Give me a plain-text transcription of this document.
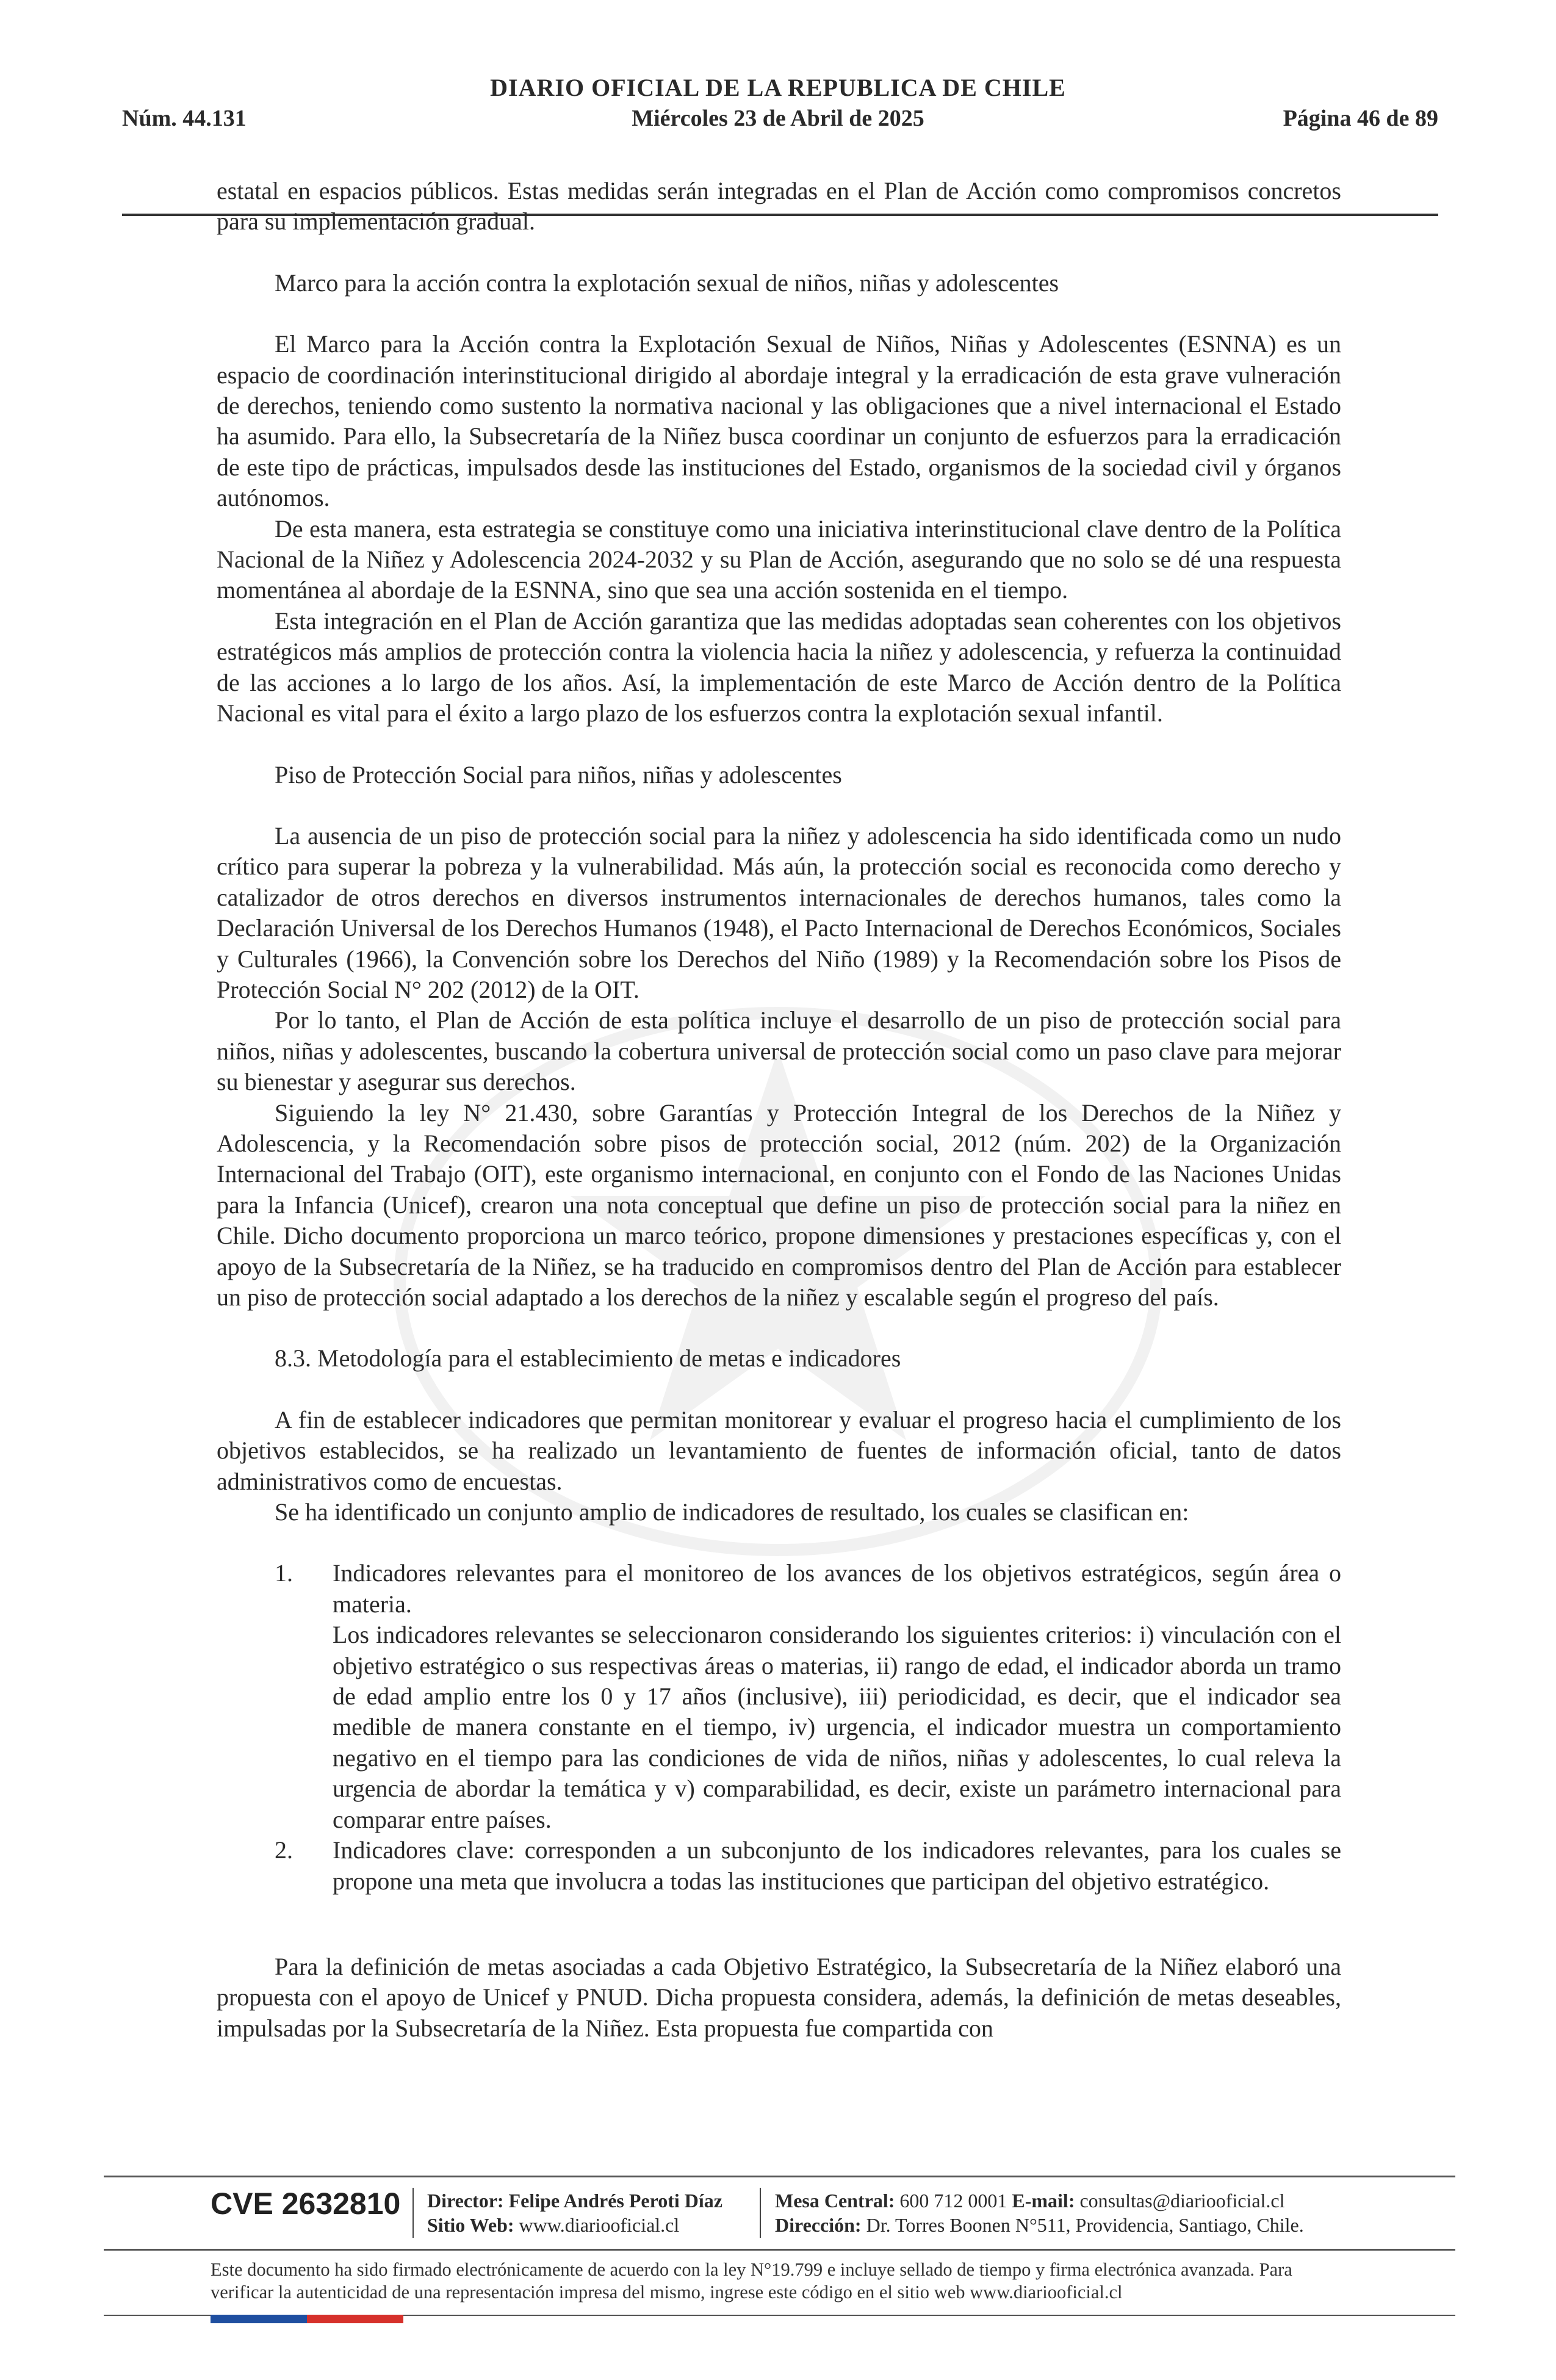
DIARIO OFICIAL DE LA REPUBLICA DE CHILE
Núm. 44.131	Miércoles 23 de Abril de 2025	Página 46 de 89

estatal en espacios públicos. Estas medidas serán integradas en el Plan de Acción como compromisos concretos para su implementación gradual.

Marco para la acción contra la explotación sexual de niños, niñas y adolescentes

El Marco para la Acción contra la Explotación Sexual de Niños, Niñas y Adolescentes (ESNNA) es un espacio de coordinación interinstitucional dirigido al abordaje integral y la erradicación de esta grave vulneración de derechos, teniendo como sustento la normativa nacional y las obligaciones que a nivel internacional el Estado ha asumido. Para ello, la Subsecretaría de la Niñez busca coordinar un conjunto de esfuerzos para la erradicación de este tipo de prácticas, impulsados desde las instituciones del Estado, organismos de la sociedad civil y órganos autónomos.

De esta manera, esta estrategia se constituye como una iniciativa interinstitucional clave dentro de la Política Nacional de la Niñez y Adolescencia 2024-2032 y su Plan de Acción, asegurando que no solo se dé una respuesta momentánea al abordaje de la ESNNA, sino que sea una acción sostenida en el tiempo.

Esta integración en el Plan de Acción garantiza que las medidas adoptadas sean coherentes con los objetivos estratégicos más amplios de protección contra la violencia hacia la niñez y adolescencia, y refuerza la continuidad de las acciones a lo largo de los años. Así, la implementación de este Marco de Acción dentro de la Política Nacional es vital para el éxito a largo plazo de los esfuerzos contra la explotación sexual infantil.

Piso de Protección Social para niños, niñas y adolescentes

La ausencia de un piso de protección social para la niñez y adolescencia ha sido identificada como un nudo crítico para superar la pobreza y la vulnerabilidad. Más aún, la protección social es reconocida como derecho y catalizador de otros derechos en diversos instrumentos internacionales de derechos humanos, tales como la Declaración Universal de los Derechos Humanos (1948), el Pacto Internacional de Derechos Económicos, Sociales y Culturales (1966), la Convención sobre los Derechos del Niño (1989) y la Recomendación sobre los Pisos de Protección Social N° 202 (2012) de la OIT.

Por lo tanto, el Plan de Acción de esta política incluye el desarrollo de un piso de protección social para niños, niñas y adolescentes, buscando la cobertura universal de protección social como un paso clave para mejorar su bienestar y asegurar sus derechos.

Siguiendo la ley N° 21.430, sobre Garantías y Protección Integral de los Derechos de la Niñez y Adolescencia, y la Recomendación sobre pisos de protección social, 2012 (núm. 202) de la Organización Internacional del Trabajo (OIT), este organismo internacional, en conjunto con el Fondo de las Naciones Unidas para la Infancia (Unicef), crearon una nota conceptual que define un piso de protección social para la niñez en Chile. Dicho documento proporciona un marco teórico, propone dimensiones y prestaciones específicas y, con el apoyo de la Subsecretaría de la Niñez, se ha traducido en compromisos dentro del Plan de Acción para establecer un piso de protección social adaptado a los derechos de la niñez y escalable según el progreso del país.

8.3. Metodología para el establecimiento de metas e indicadores

A fin de establecer indicadores que permitan monitorear y evaluar el progreso hacia el cumplimiento de los objetivos establecidos, se ha realizado un levantamiento de fuentes de información oficial, tanto de datos administrativos como de encuestas.

Se ha identificado un conjunto amplio de indicadores de resultado, los cuales se clasifican en:

1.	Indicadores relevantes para el monitoreo de los avances de los objetivos estratégicos, según área o materia.

Los indicadores relevantes se seleccionaron considerando los siguientes criterios: i) vinculación con el objetivo estratégico o sus respectivas áreas o materias, ii) rango de edad, el indicador aborda un tramo de edad amplio entre los 0 y 17 años (inclusive), iii) periodicidad, es decir, que el indicador sea medible de manera constante en el tiempo, iv) urgencia, el indicador muestra un comportamiento negativo en el tiempo para las condiciones de vida de niños, niñas y adolescentes, lo cual releva la urgencia de abordar la temática y v) comparabilidad, es decir, existe un parámetro internacional para comparar entre países.

2.	Indicadores clave: corresponden a un subconjunto de los indicadores relevantes, para los cuales se propone una meta que involucra a todas las instituciones que participan del objetivo estratégico.

Para la definición de metas asociadas a cada Objetivo Estratégico, la Subsecretaría de la Niñez elaboró una propuesta con el apoyo de Unicef y PNUD. Dicha propuesta considera, además, la definición de metas deseables, impulsadas por la Subsecretaría de la Niñez. Esta propuesta fue compartida con

CVE 2632810 Director: Felipe Andrés Peroti Díaz
Sitio Web: www.diariooficial.cl
Mesa Central: 600 712 0001 E-mail: consultas@diariooficial.cl
Dirección: Dr. Torres Boonen N°511, Providencia, Santiago, Chile.
Este documento ha sido firmado electrónicamente de acuerdo con la ley N°19.799 e incluye sellado de tiempo y firma electrónica avanzada. Para verificar la autenticidad de una representación impresa del mismo, ingrese este código en el sitio web www.diariooficial.cl
